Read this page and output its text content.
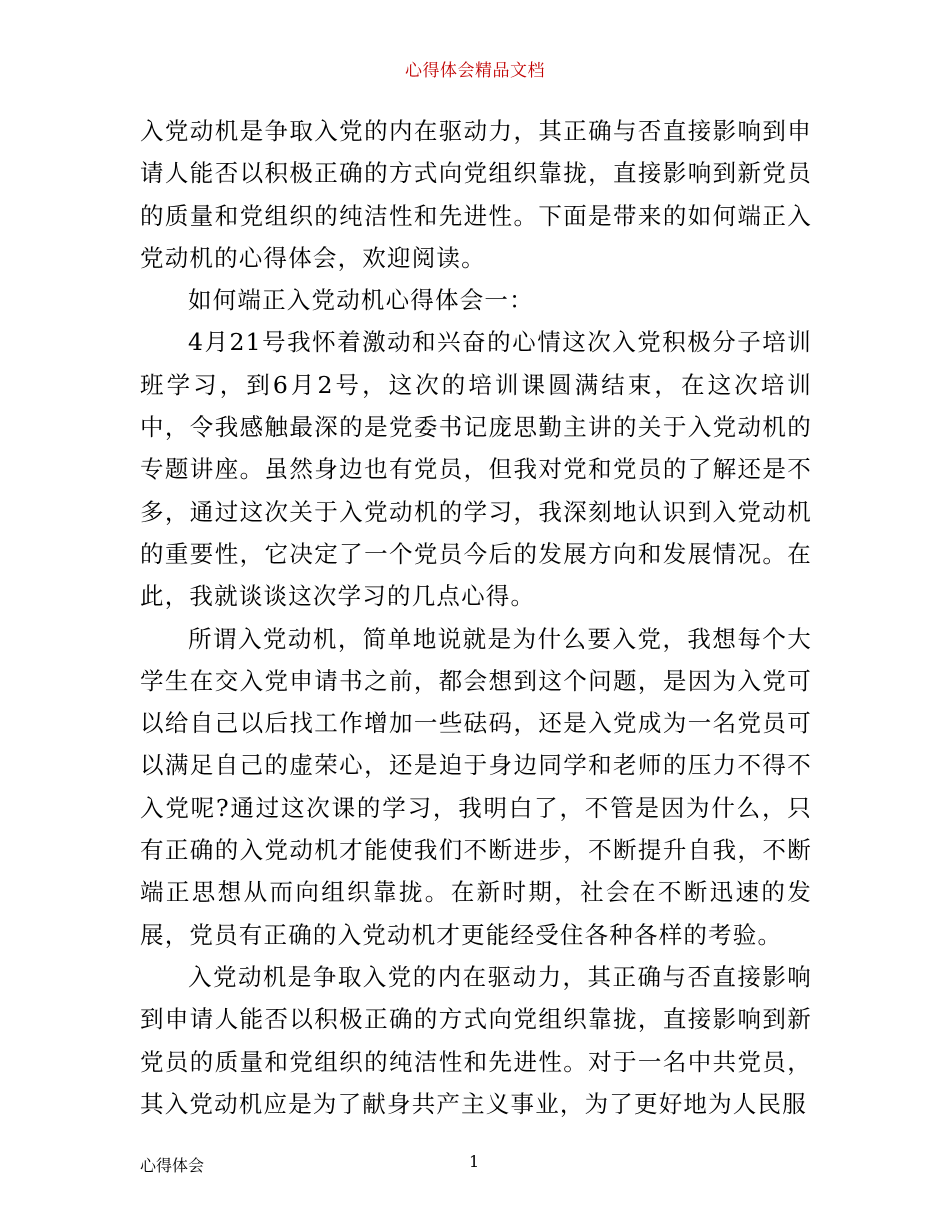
心得体会精品文档

入党动机是争取入党的内在驱动力，其正确与否直接影响到申请人能否以积极正确的方式向党组织靠拢，直接影响到新党员的质量和党组织的纯洁性和先进性。下面是带来的如何端正入党动机的心得体会，欢迎阅读。

如何端正入党动机心得体会一：

4月21号我怀着激动和兴奋的心情这次入党积极分子培训班学习，到6月2号，这次的培训课圆满结束，在这次培训中，令我感触最深的是党委书记庞思勤主讲的关于入党动机的专题讲座。虽然身边也有党员，但我对党和党员的了解还是不多，通过这次关于入党动机的学习，我深刻地认识到入党动机的重要性，它决定了一个党员今后的发展方向和发展情况。在此，我就谈谈这次学习的几点心得。

所谓入党动机，简单地说就是为什么要入党，我想每个大学生在交入党申请书之前，都会想到这个问题，是因为入党可以给自己以后找工作增加一些砝码，还是入党成为一名党员可以满足自己的虚荣心，还是迫于身边同学和老师的压力不得不入党呢?通过这次课的学习，我明白了，不管是因为什么，只有正确的入党动机才能使我们不断进步，不断提升自我，不断端正思想从而向组织靠拢。在新时期，社会在不断迅速的发展，党员有正确的入党动机才更能经受住各种各样的考验。

入党动机是争取入党的内在驱动力，其正确与否直接影响到申请人能否以积极正确的方式向党组织靠拢，直接影响到新党员的质量和党组织的纯洁性和先进性。对于一名中共党员，其入党动机应是为了献身共产主义事业，为了更好地为人民服

心得体会	1
